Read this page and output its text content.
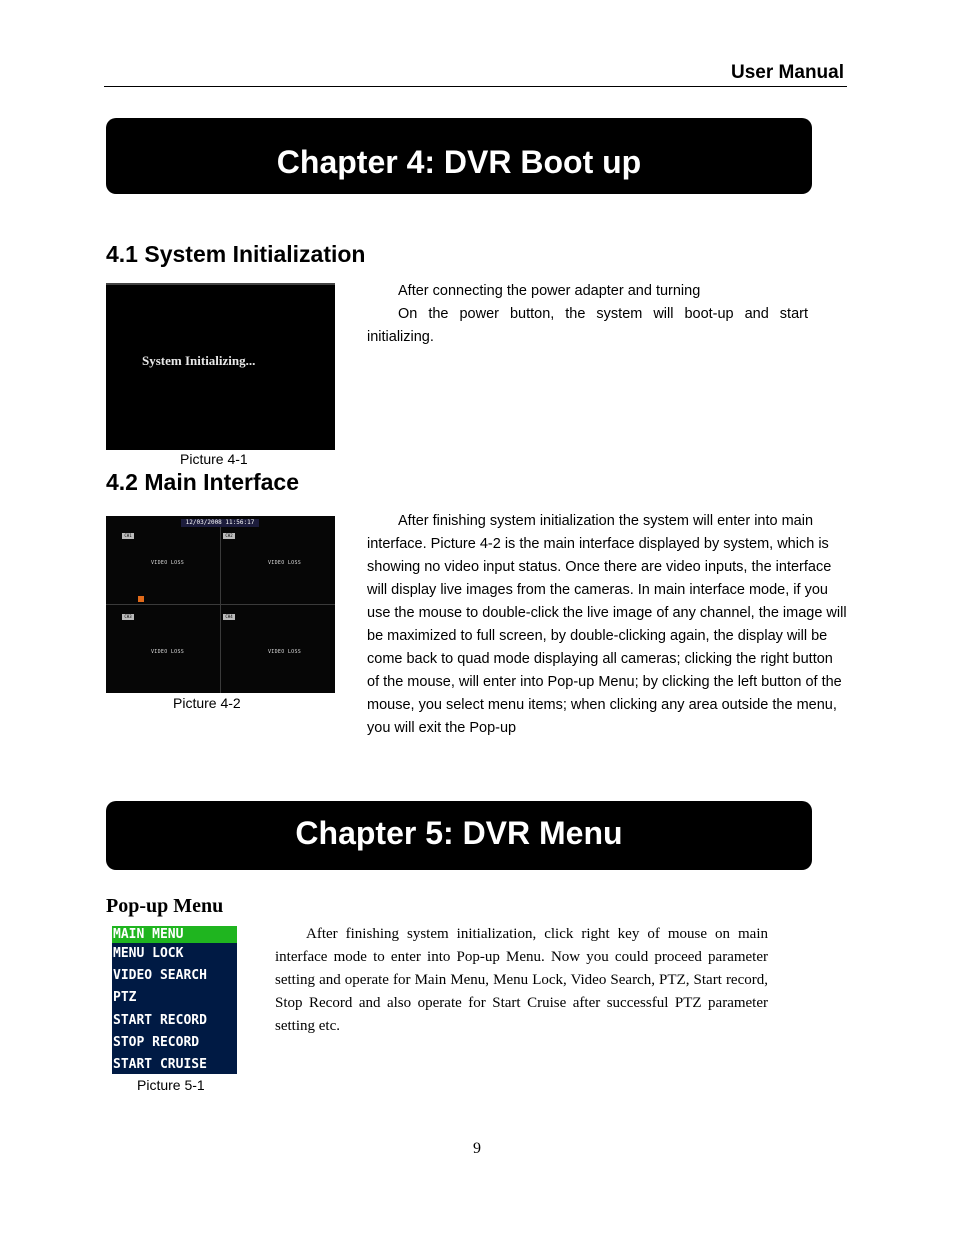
User Manual
Chapter 4: DVR Boot up
4.1 System Initialization
System Initializing...
Picture 4-1
After connecting the power adapter and turning
On the power button, the system will boot-up and start
initializing.
4.2 Main Interface
12/03/2008 11:56:17
CH1	CH2
CH3	CH4
VIDEO LOSS	VIDEO LOSS
VIDEO LOSS	VIDEO LOSS
Picture 4-2
After finishing system initialization the system will enter into main interface. Picture 4-2 is the main interface displayed by system, which is showing no video input status. Once there are video inputs, the interface will display live images from the cameras. In main interface mode, if you use the mouse to double-click the live image of any channel, the image will be maximized to full screen, by double-clicking again, the display will be come back to quad mode displaying all cameras; clicking the right button of the mouse, will enter into Pop-up Menu; by clicking the left button of the mouse, you select menu items; when clicking any area outside the menu, you will exit the Pop-up
Chapter 5: DVR Menu
Pop-up Menu
MAIN MENU
MENU LOCK
VIDEO SEARCH
PTZ
START RECORD
STOP RECORD
START CRUISE
Picture 5-1
After finishing system initialization, click right key of mouse on main interface mode to enter into Pop-up Menu. Now you could proceed parameter setting and operate for Main Menu, Menu Lock, Video Search, PTZ, Start record, Stop Record and also operate for Start Cruise after successful PTZ parameter setting etc.
9
